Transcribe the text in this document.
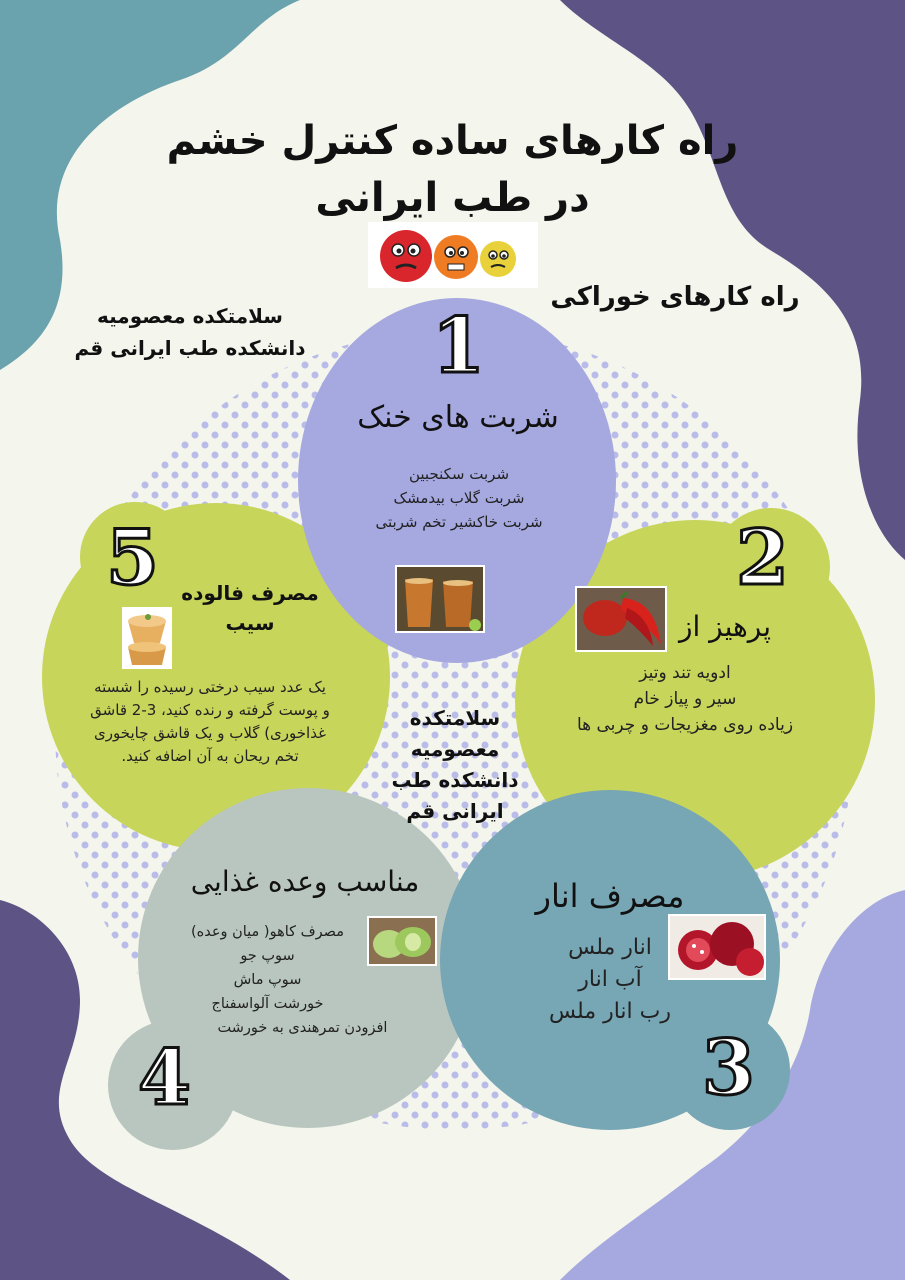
راه کارهای ساده کنترل خشم
در طب ایرانی
راه کارهای خوراکی
سلامتکده معصومیه
دانشکده طب ایرانی قم	1
2
3
4
5
شربت های خنک
شربت سکنجبین
شربت گلاب بیدمشک
شربت خاکشیر تخم شربتی
پرهیز از
ادویه تند وتیز
سیر و پیاز خام
زیاده روی مغزیجات و چربی ها
مصرف انار
انار ملس
آب انار
رب انار ملس
مناسب وعده غذایی
مصرف کاهو( میان وعده)
سوپ جو
سوپ ماش
خورشت آلواسفناج
افزودن تمرهندی به خورشت
مصرف فالوده
سیب
یک عدد سیب درختی رسیده را شسته
و پوست گرفته و رنده کنید، 3-2 قاشق
غذاخوری) گلاب و یک قاشق چایخوری
تخم ریحان به آن اضافه کنید.
سلامتکده
معصومیه
دانشکده طب
ایرانی قم
